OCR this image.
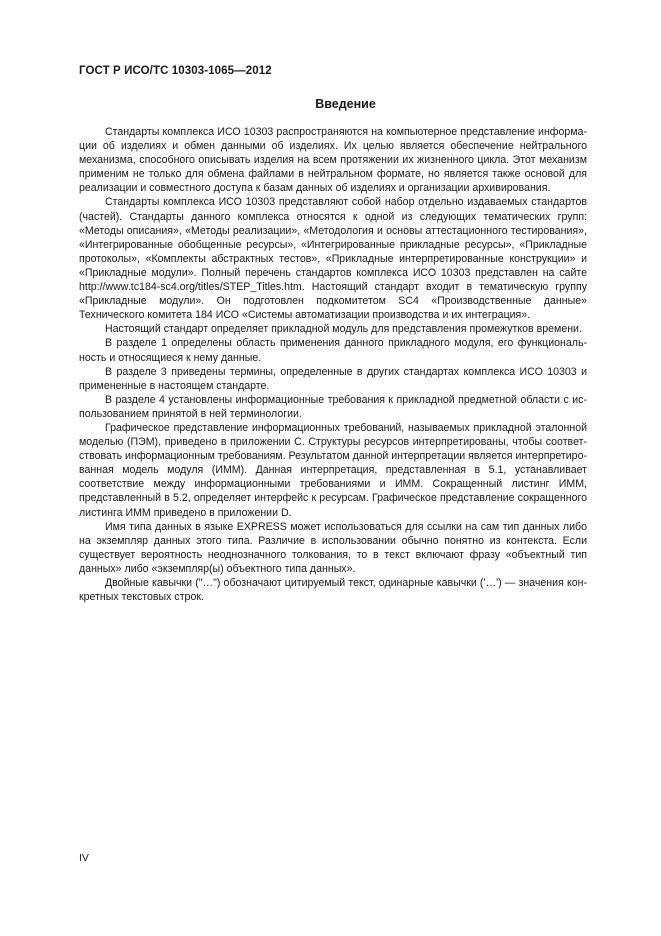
ГОСТ Р ИСО/ТС 10303-1065—2012
Введение

Стандарты комплекса ИСО 10303 распространяются на компьютерное представление информации об изделиях и обмен данными об изделиях. Их целью является обеспечение нейтрального механизма, способного описывать изделия на всем протяжении их жизненного цикла. Этот механизм применим не только для обмена файлами в нейтральном формате, но является также основой для реализации и совместного доступа к базам данных об изделиях и организации архивирования.

Стандарты комплекса ИСО 10303 представляют собой набор отдельно издаваемых стандартов (частей). Стандарты данного комплекса относятся к одной из следующих тематических групп: «Методы описания», «Методы реализации», «Методология и основы аттестационного тестирования», «Интегрированные обобщенные ресурсы», «Интегрированные прикладные ресурсы», «Прикладные протоколы», «Комплекты абстрактных тестов», «Прикладные интерпретированные конструкции» и «Прикладные модули». Полный перечень стандартов комплекса ИСО 10303 представлен на сайте http://www.tc184-sc4.org/titles/STEP_Titles.htm. Настоящий стандарт входит в тематическую группу «Прикладные модули». Он подготовлен подкомитетом SC4 «Производственные данные» Технического комитета 184 ИСО «Системы автоматизации производства и их интеграция».

Настоящий стандарт определяет прикладной модуль для представления промежутков времени.

В разделе 1 определены область применения данного прикладного модуля, его функциональность и относящиеся к нему данные.

В разделе 3 приведены термины, определенные в других стандартах комплекса ИСО 10303 и примененные в настоящем стандарте.

В разделе 4 установлены информационные требования к прикладной предметной области с использованием принятой в ней терминологии.

Графическое представление информационных требований, называемых прикладной эталонной моделью (ПЭМ), приведено в приложении С. Структуры ресурсов интерпретированы, чтобы соответствовать информационным требованиям. Результатом данной интерпретации является интерпретированная модель модуля (ИММ). Данная интерпретация, представленная в 5.1, устанавливает соответствие между информационными требованиями и ИММ. Сокращенный листинг ИММ, представленный в 5.2, определяет интерфейс к ресурсам. Графическое представление сокращенного листинга ИММ приведено в приложении D.

Имя типа данных в языке EXPRESS может использоваться для ссылки на сам тип данных либо на экземпляр данных этого типа. Различие в использовании обычно понятно из контекста. Если существует вероятность неоднозначного толкования, то в текст включают фразу «объектный тип данных» либо «экземпляр(ы) объектного типа данных».

Двойные кавычки ("…") обозначают цитируемый текст, одинарные кавычки ('…') — значения конкретных текстовых строк.

IV
